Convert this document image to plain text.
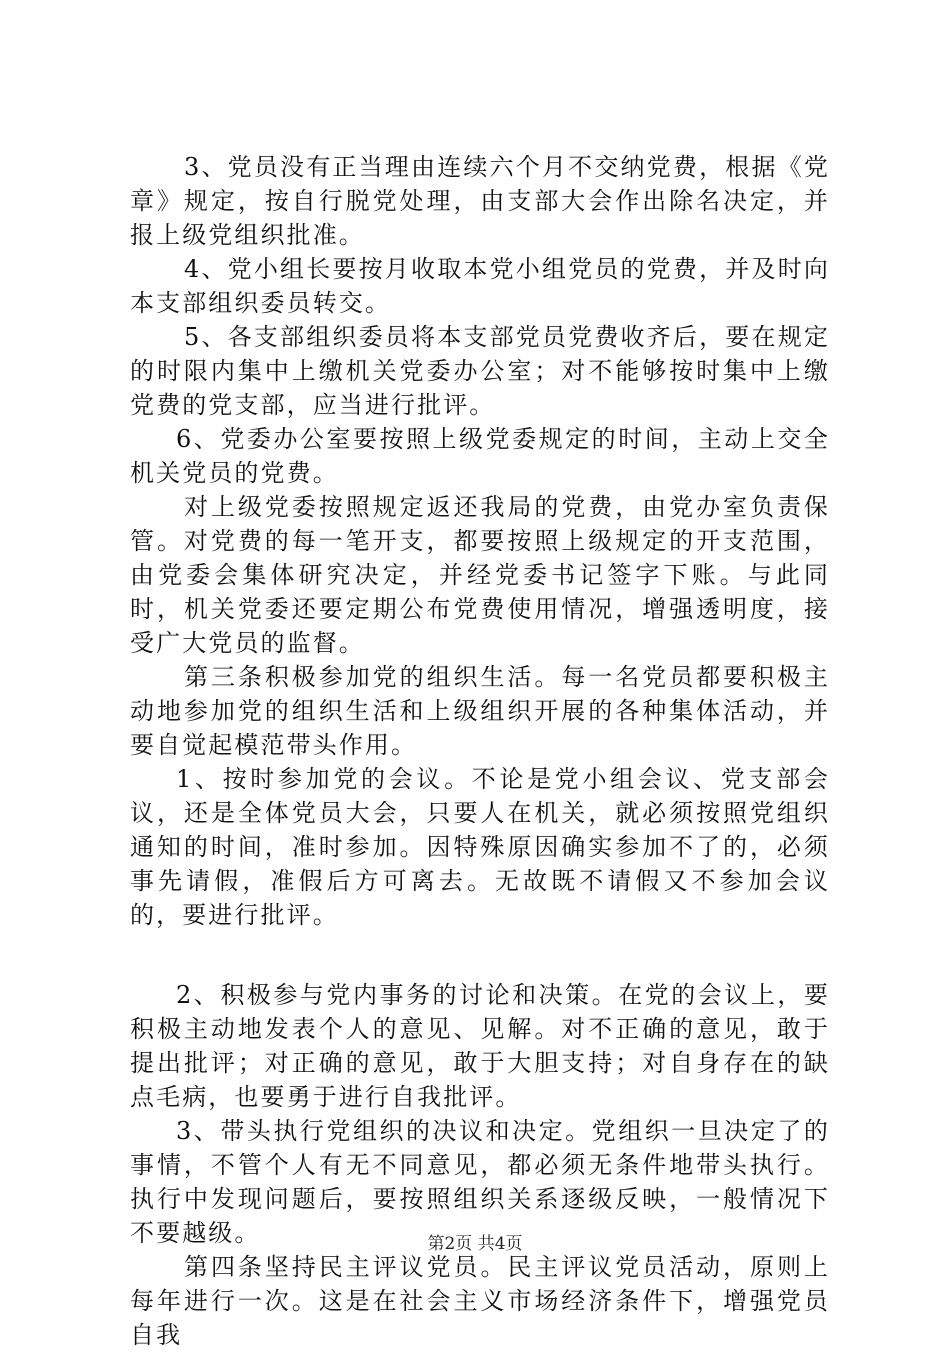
3、党员没有正当理由连续六个月不交纳党费，根据《党章》规定，按自行脱党处理，由支部大会作出除名决定，并报上级党组织批准。

4、党小组长要按月收取本党小组党员的党费，并及时向本支部组织委员转交。

5、各支部组织委员将本支部党员党费收齐后，要在规定的时限内集中上缴机关党委办公室；对不能够按时集中上缴党费的党支部，应当进行批评。

6、党委办公室要按照上级党委规定的时间，主动上交全机关党员的党费。

对上级党委按照规定返还我局的党费，由党办室负责保管。对党费的每一笔开支，都要按照上级规定的开支范围，由党委会集体研究决定，并经党委书记签字下账。与此同时，机关党委还要定期公布党费使用情况，增强透明度，接受广大党员的监督。

第三条积极参加党的组织生活。每一名党员都要积极主动地参加党的组织生活和上级组织开展的各种集体活动，并要自觉起模范带头作用。

1、按时参加党的会议。不论是党小组会议、党支部会议，还是全体党员大会，只要人在机关，就必须按照党组织通知的时间，准时参加。因特殊原因确实参加不了的，必须事先请假，准假后方可离去。无故既不请假又不参加会议的，要进行批评。

2、积极参与党内事务的讨论和决策。在党的会议上，要积极主动地发表个人的意见、见解。对不正确的意见，敢于提出批评；对正确的意见，敢于大胆支持；对自身存在的缺点毛病，也要勇于进行自我批评。

3、带头执行党组织的决议和决定。党组织一旦决定了的事情，不管个人有无不同意见，都必须无条件地带头执行。执行中发现问题后，要按照组织关系逐级反映，一般情况下不要越级。

第四条坚持民主评议党员。民主评议党员活动，原则上每年进行一次。这是在社会主义市场经济条件下，增强党员自我

第2页 共4页
